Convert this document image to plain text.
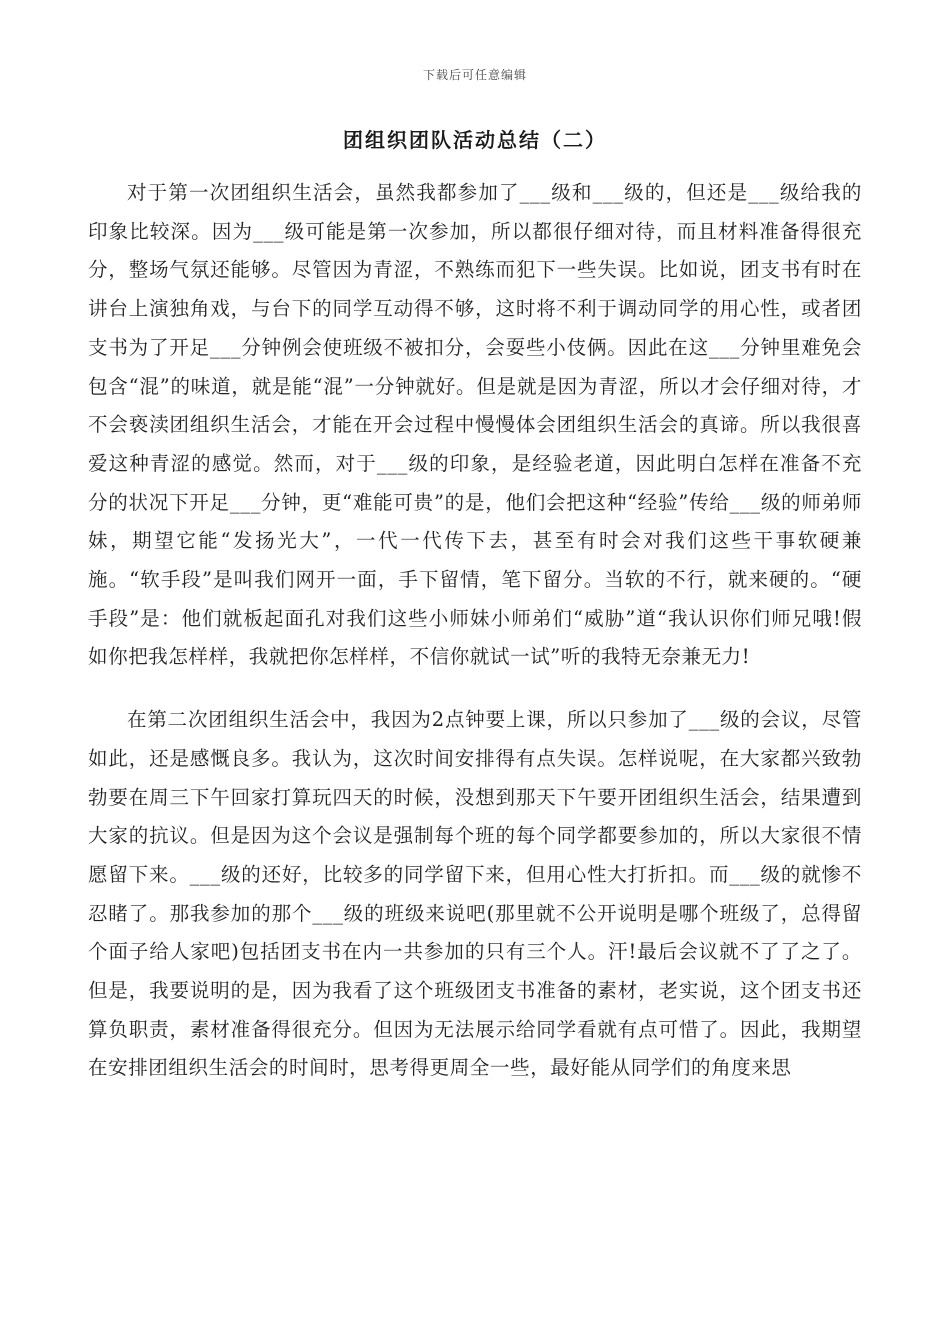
下载后可任意编辑
团组织团队活动总结（二）

对于第一次团组织生活会，虽然我都参加了___级和___级的，但还是___级给我的印象比较深。因为___级可能是第一次参加，所以都很仔细对待，而且材料准备得很充分，整场气氛还能够。尽管因为青涩，不熟练而犯下一些失误。比如说，团支书有时在讲台上演独角戏，与台下的同学互动得不够，这时将不利于调动同学的用心性，或者团支书为了开足___分钟例会使班级不被扣分，会耍些小伎俩。因此在这___分钟里难免会包含“混”的味道，就是能“混”一分钟就好。但是就是因为青涩，所以才会仔细对待，才不会亵渎团组织生活会，才能在开会过程中慢慢体会团组织生活会的真谛。所以我很喜爱这种青涩的感觉。然而，对于___级的印象，是经验老道，因此明白怎样在准备不充分的状况下开足___分钟，更“难能可贵”的是，他们会把这种“经验”传给___级的师弟师妹，期望它能“发扬光大”，一代一代传下去，甚至有时会对我们这些干事软硬兼施。“软手段”是叫我们网开一面，手下留情，笔下留分。当软的不行，就来硬的。“硬手段”是：他们就板起面孔对我们这些小师妹小师弟们“威胁”道“我认识你们师兄哦!假如你把我怎样样，我就把你怎样样，不信你就试一试”听的我特无奈兼无力!

在第二次团组织生活会中，我因为2点钟要上课，所以只参加了___级的会议，尽管如此，还是感慨良多。我认为，这次时间安排得有点失误。怎样说呢，在大家都兴致勃勃要在周三下午回家打算玩四天的时候，没想到那天下午要开团组织生活会，结果遭到大家的抗议。但是因为这个会议是强制每个班的每个同学都要参加的，所以大家很不情愿留下来。___级的还好，比较多的同学留下来，但用心性大打折扣。而___级的就惨不忍睹了。那我参加的那个___级的班级来说吧(那里就不公开说明是哪个班级了，总得留个面子给人家吧)包括团支书在内一共参加的只有三个人。汗!最后会议就不了了之了。但是，我要说明的是，因为我看了这个班级团支书准备的素材，老实说，这个团支书还算负职责，素材准备得很充分。但因为无法展示给同学看就有点可惜了。因此，我期望在安排团组织生活会的时间时，思考得更周全一些，最好能从同学们的角度来思
